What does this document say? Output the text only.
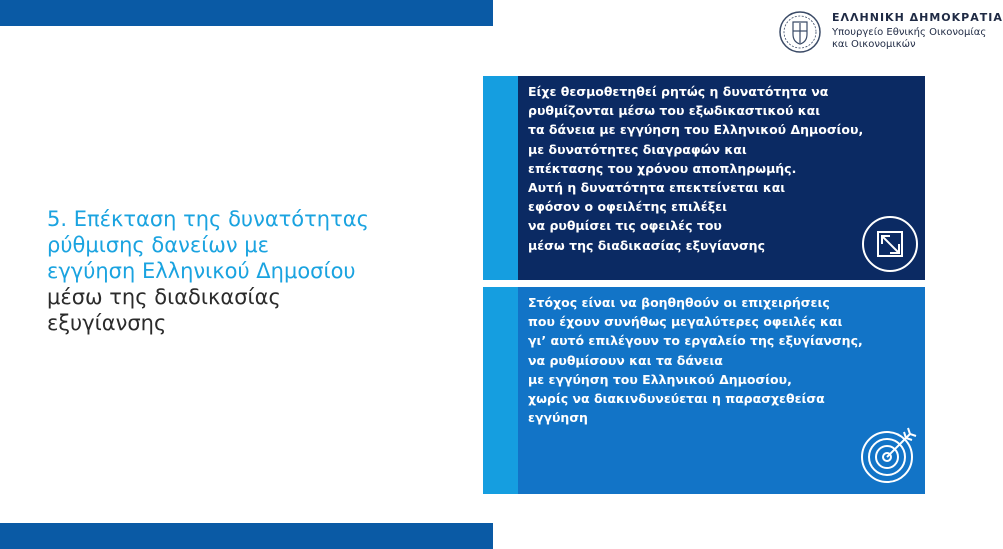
ΕΛΛΗΝΙΚΗ ΔΗΜΟΚΡΑΤΙΑ
Υπουργείο Εθνικής Οικονομίας
και Οικονομικών
5. Επέκταση της δυνατότητας
ρύθμισης δανείων με
εγγύηση Ελληνικού Δημοσίου
μέσω της διαδικασίας
εξυγίανσης

Είχε θεσμοθετηθεί ρητώς η δυνατότητα να
ρυθμίζονται μέσω του εξωδικαστικού και
τα δάνεια με εγγύηση του Ελληνικού Δημοσίου,
με δυνατότητες διαγραφών και
επέκτασης του χρόνου αποπληρωμής.
Αυτή η δυνατότητα επεκτείνεται και
εφόσον ο οφειλέτης επιλέξει
να ρυθμίσει τις οφειλές του
μέσω της διαδικασίας εξυγίανσης

Στόχος είναι να βοηθηθούν οι επιχειρήσεις
που έχουν συνήθως μεγαλύτερες οφειλές και
γι’ αυτό επιλέγουν το εργαλείο της εξυγίανσης,
να ρυθμίσουν και τα δάνεια
με εγγύηση του Ελληνικού Δημοσίου,
χωρίς να διακινδυνεύεται η παρασχεθείσα
εγγύηση
